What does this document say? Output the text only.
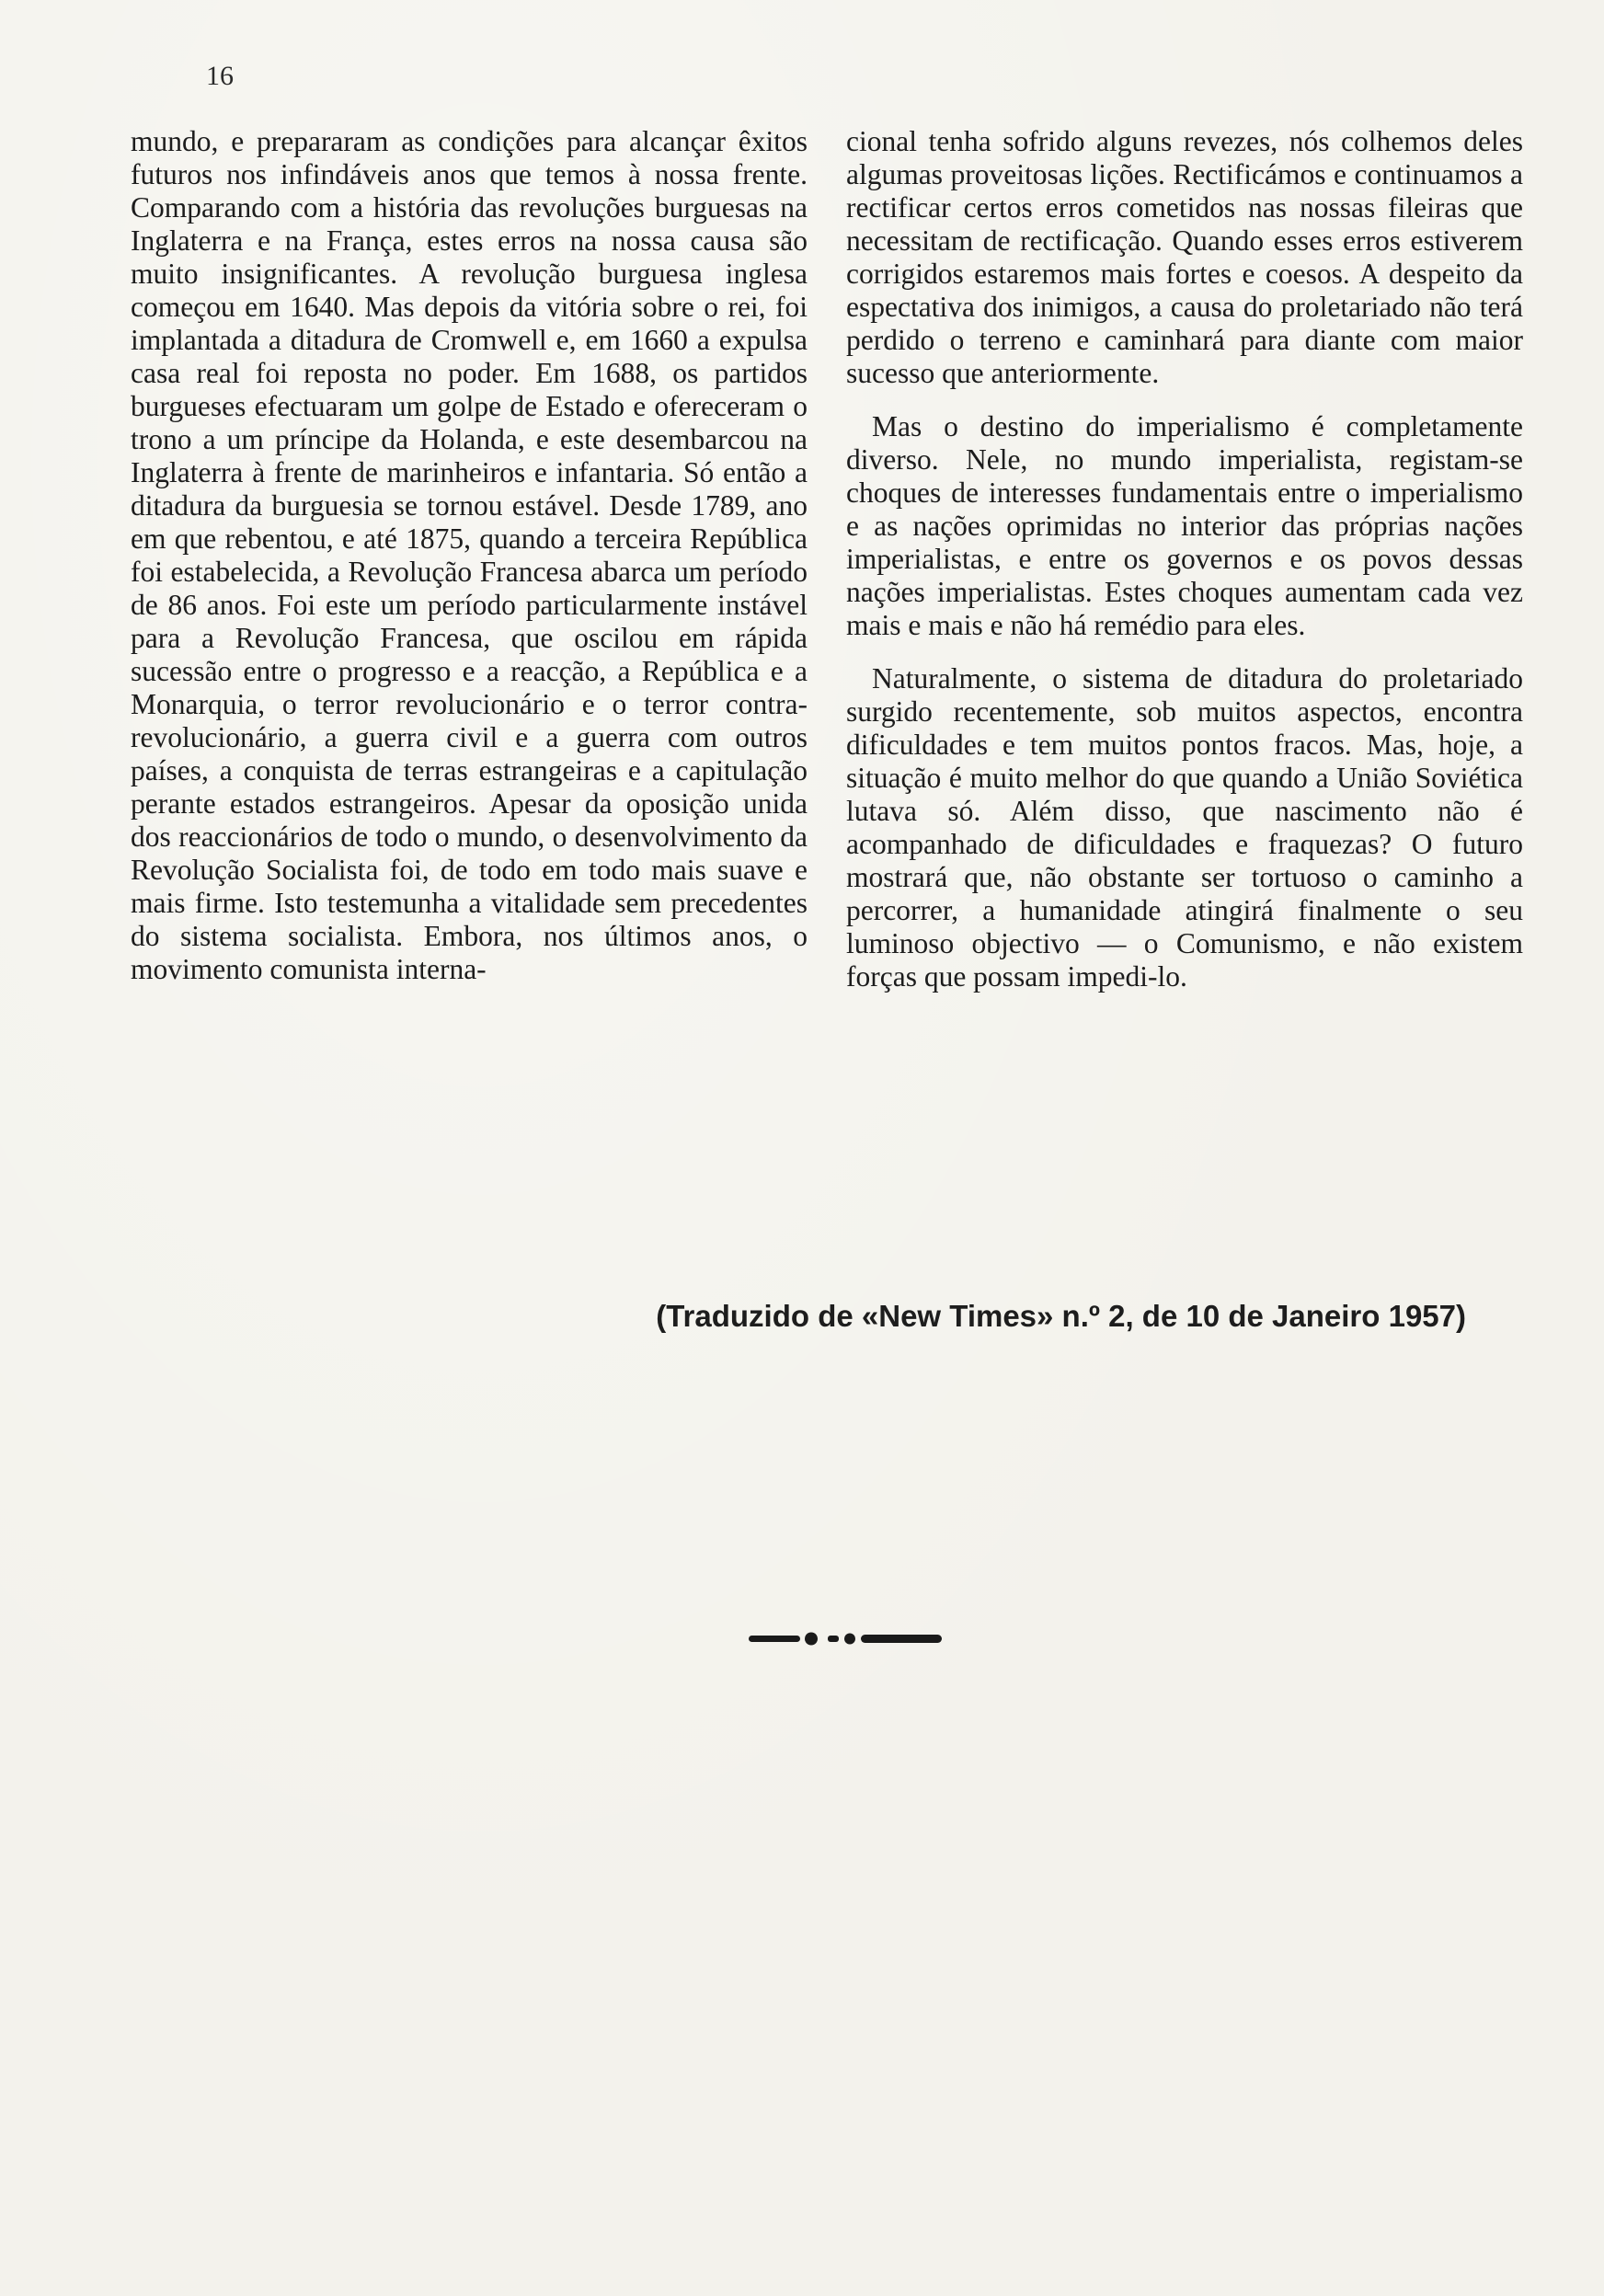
16

mundo, e prepararam as condições para alcançar êxitos futuros nos infindáveis anos que temos à nossa frente. Comparando com a história das revoluções burguesas na Inglaterra e na França, estes erros na nossa causa são muito insignificantes. A revolução burguesa inglesa começou em 1640. Mas depois da vitória sobre o rei, foi implantada a ditadura de Cromwell e, em 1660 a expulsa casa real foi reposta no poder. Em 1688, os partidos burgueses efectuaram um golpe de Estado e ofereceram o trono a um príncipe da Holanda, e este desembarcou na Inglaterra à frente de marinheiros e infantaria. Só então a ditadura da burguesia se tornou estável. Desde 1789, ano em que rebentou, e até 1875, quando a terceira República foi estabelecida, a Revolução Francesa abarca um período de 86 anos. Foi este um período particularmente instável para a Revolução Francesa, que oscilou em rápida sucessão entre o progresso e a reacção, a República e a Monarquia, o terror revolucionário e o terror contra-revolucionário, a guerra civil e a guerra com outros países, a conquista de terras estrangeiras e a capitulação perante estados estrangeiros. Apesar da oposição unida dos reaccionários de todo o mundo, o desenvolvimento da Revolução Socialista foi, de todo em todo mais suave e mais firme. Isto testemunha a vitalidade sem precedentes do sistema socialista. Embora, nos últimos anos, o movimento comunista interna-

cional tenha sofrido alguns revezes, nós colhemos deles algumas proveitosas lições. Rectificámos e continuamos a rectificar certos erros cometidos nas nossas fileiras que necessitam de rectificação. Quando esses erros estiverem corrigidos estaremos mais fortes e coesos. A despeito da espectativa dos inimigos, a causa do proletariado não terá perdido o terreno e caminhará para diante com maior sucesso que anteriormente.

Mas o destino do imperialismo é completamente diverso. Nele, no mundo imperialista, registam-se choques de interesses fundamentais entre o imperialismo e as nações oprimidas no interior das próprias nações imperialistas, e entre os governos e os povos dessas nações imperialistas. Estes choques aumentam cada vez mais e mais e não há remédio para eles.

Naturalmente, o sistema de ditadura do proletariado surgido recentemente, sob muitos aspectos, encontra dificuldades e tem muitos pontos fracos. Mas, hoje, a situação é muito melhor do que quando a União Soviética lutava só. Além disso, que nascimento não é acompanhado de dificuldades e fraquezas? O futuro mostrará que, não obstante ser tortuoso o caminho a percorrer, a humanidade atingirá finalmente o seu luminoso objectivo — o Comunismo, e não existem forças que possam impedi-lo.

(Traduzido de «New Times» n.º 2, de 10 de Janeiro 1957)
